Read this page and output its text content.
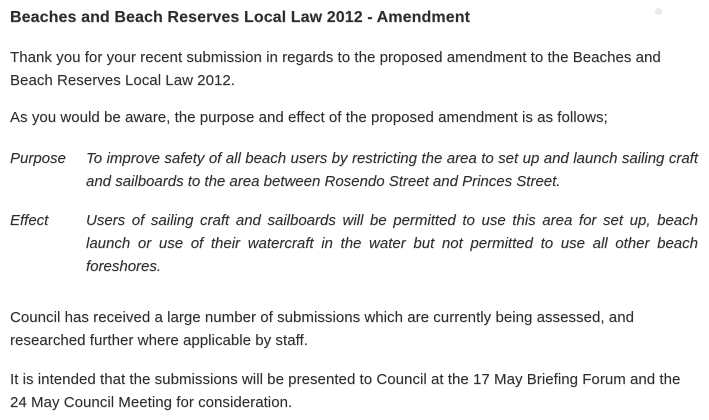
Beaches and Beach Reserves Local Law 2012 - Amendment

Thank you for your recent submission in regards to the proposed amendment to the Beaches and Beach Reserves Local Law 2012.

As you would be aware, the purpose and effect of the proposed amendment is as follows;

Purpose	To improve safety of all beach users by restricting the area to set up and launch sailing craft and sailboards to the area between Rosendo Street and Princes Street.
Effect	Users of sailing craft and sailboards will be permitted to use this area for set up, beach launch or use of their watercraft in the water but not permitted to use all other beach foreshores.

Council has received a large number of submissions which are currently being assessed, and researched further where applicable by staff.

It is intended that the submissions will be presented to Council at the 17 May Briefing Forum and the 24 May Council Meeting for consideration.
